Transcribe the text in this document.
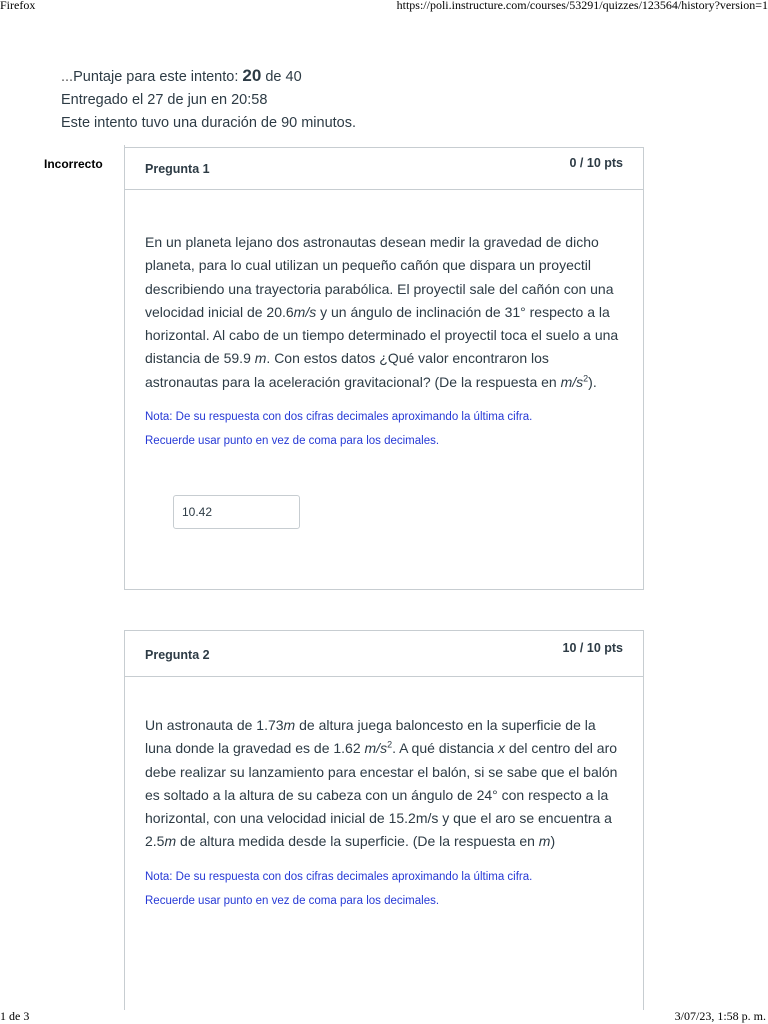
Firefox	https://poli.instructure.com/courses/53291/quizzes/123564/history?version=1
...Puntaje para este intento: 20 de 40
Entregado el 27 de jun en 20:58
Este intento tuvo una duración de 90 minutos.
Incorrecto	Pregunta 1	0 / 10 pts

En un planeta lejano dos astronautas desean medir la gravedad de dicho planeta, para lo cual utilizan un pequeño cañón que dispara un proyectil describiendo una trayectoria parabólica. El proyectil sale del cañón con una velocidad inicial de 20.6m/s y un ángulo de inclinación de 31° respecto a la horizontal. Al cabo de un tiempo determinado el proyectil toca el suelo a una distancia de 59.9 m. Con estos datos ¿Qué valor encontraron los astronautas para la aceleración gravitacional? (De la respuesta en $m/s^2$).

Nota: De su respuesta con dos cifras decimales aproximando la última cifra.
Recuerde usar punto en vez de coma para los decimales.
10.42
Pregunta 2	10 / 10 pts

Un astronauta de 1.73m de altura juega baloncesto en la superficie de la luna donde la gravedad es de 1.62 $m/s^2$. A qué distancia x del centro del aro debe realizar su lanzamiento para encestar el balón, si se sabe que el balón es soltado a la altura de su cabeza con un ángulo de 24° con respecto a la horizontal, con una velocidad inicial de 15.2m/s y que el aro se encuentra a 2.5m de altura medida desde la superficie. (De la respuesta en m)

Nota: De su respuesta con dos cifras decimales aproximando la última cifra.
Recuerde usar punto en vez de coma para los decimales.
1 de 3	3/07/23, 1:58 p. m.
